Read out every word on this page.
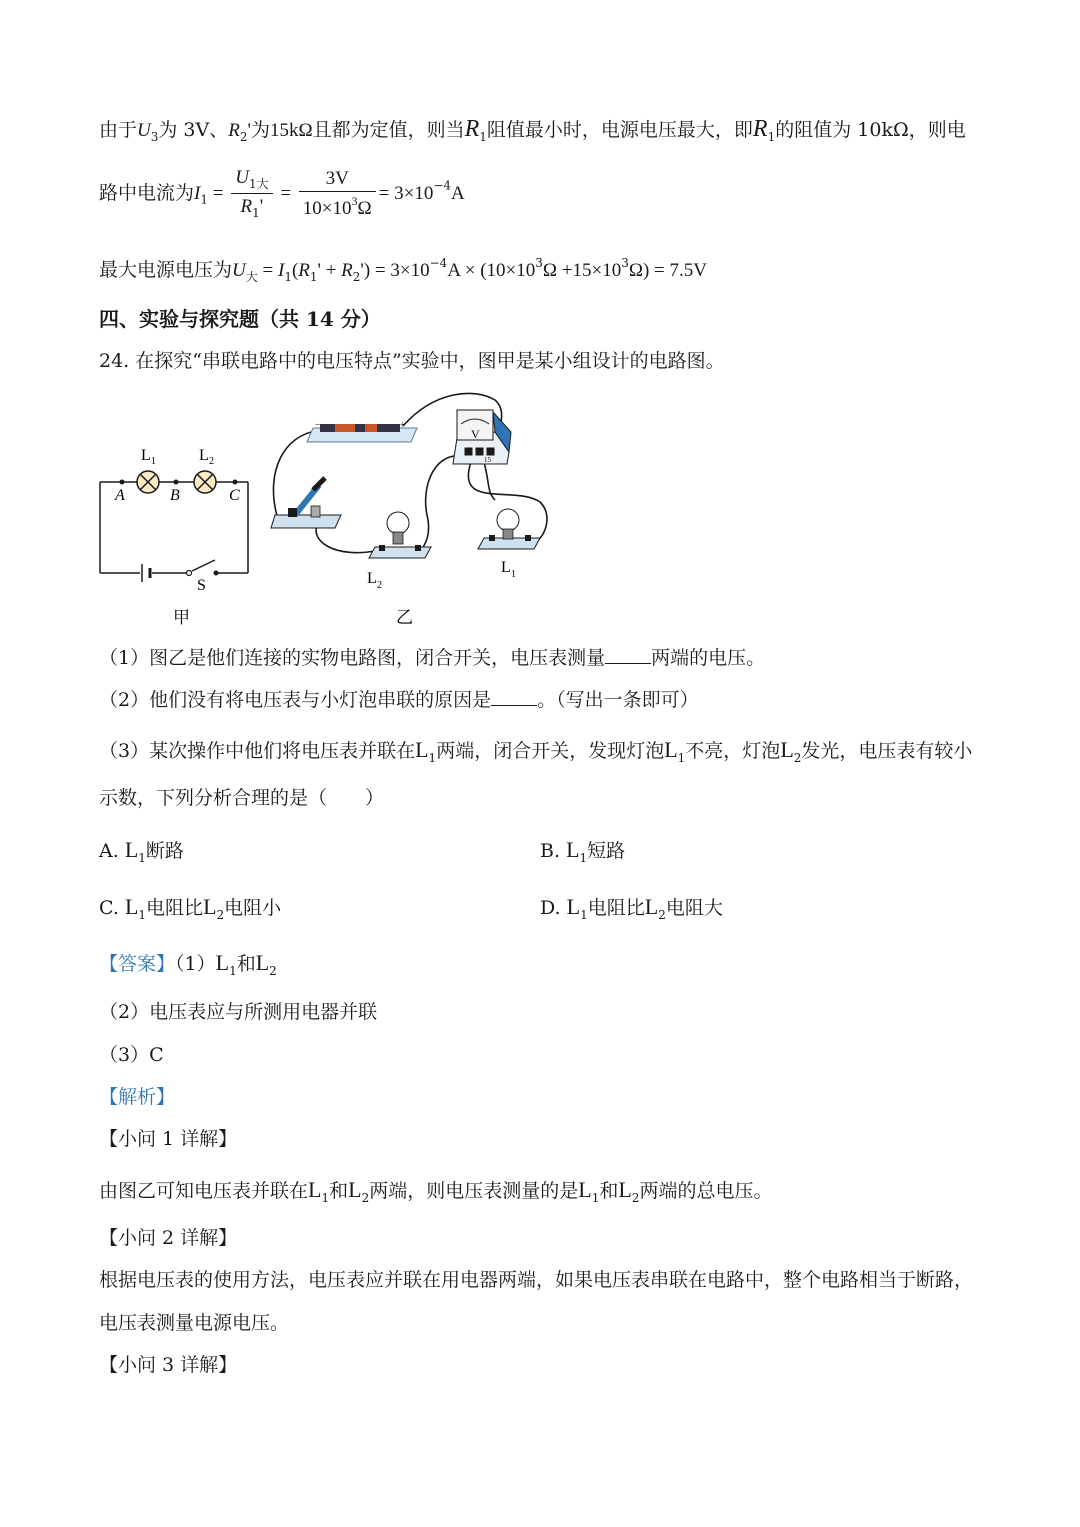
由于$U_3$为 3V、$R_2'$为15kΩ且都为定值，则当$R_1$阻值最小时，电源电压最大，即$R_1$的阻值为 10kΩ，则电
路中电流为$I_1 = \frac{U_{1大}}{R_1'} = \frac{3V}{10\times 10^3\Omega} = 3\times 10^{-4}A$
最大电源电压为$U_大 = I_1(R_1' + R_2') = 3\times 10^{-4}A \times (10\times 10^3\Omega +15\times 10^3\Omega) = 7.5V$
四、实验与探究题（共 14 分）
24. 在探究“串联电路中的电压特点”实验中，图甲是某小组设计的电路图。
A	B	C
L 1	L 2
S
甲
−	+
V
15
L 2
L 1
乙
（1）图乙是他们连接的实物电路图，闭合开关，电压表测量 两端的电压。
（2）他们没有将电压表与小灯泡串联的原因是 。（写出一条即可）
（3）某次操作中他们将电压表并联在$L_1$两端，闭合开关，发现灯泡$L_1$不亮，灯泡$L_2$发光，电压表有较小
示数，下列分析合理的是（　　）
A. $L_1$断路	B. $L_1$短路
C. $L_1$电阻比$L_2$电阻小	D. $L_1$电阻比$L_2$电阻大
【答案】$(1)L_1$和$L_2$
（2）电压表应与所测用电器并联
（3）C
【解析】
【小问 1 详解】
由图乙可知电压表并联在$L_1$和$L_2$两端，则电压表测量的是$L_1$和$L_2$两端的总电压。
【小问 2 详解】
根据电压表的使用方法，电压表应并联在用电器两端，如果电压表串联在电路中，整个电路相当于断路，
电压表测量电源电压。
【小问 3 详解】
